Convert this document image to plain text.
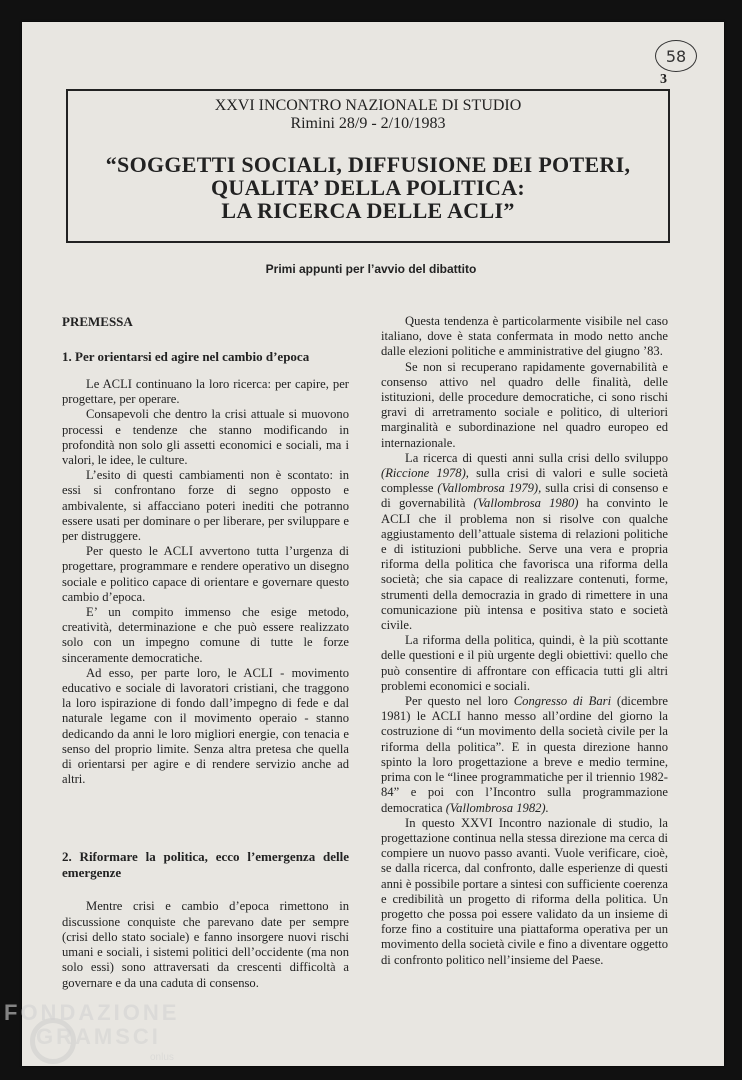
58
3
XXVI INCONTRO NAZIONALE DI STUDIO
Rimini 28/9 - 2/10/1983
“SOGGETTI SOCIALI, DIFFUSIONE DEI POTERI,
QUALITA’ DELLA POLITICA:
LA RICERCA DELLE ACLI”
Primi appunti per l’avvio del dibattito
PREMESSA
1. Per orientarsi ed agire nel cambio d’epoca

Le ACLI continuano la loro ricerca: per capire, per progettare, per operare.

Consapevoli che dentro la crisi attuale si muovono processi e tendenze che stanno modificando in profondità non solo gli assetti economici e sociali, ma i valori, le idee, le culture.

L’esito di questi cambiamenti non è scontato: in essi si confrontano forze di segno opposto e ambivalente, si affacciano poteri inediti che potranno essere usati per dominare o per liberare, per sviluppare e per distruggere.

Per questo le ACLI avvertono tutta l’urgenza di progettare, programmare e rendere operativo un disegno sociale e politico capace di orientare e governare questo cambio d’epoca.

E’ un compito immenso che esige metodo, creatività, determinazione e che può essere realizzato solo con un impegno comune di tutte le forze sinceramente democratiche.

Ad esso, per parte loro, le ACLI - movimento educativo e sociale di lavoratori cristiani, che traggono la loro ispirazione di fondo dall’impegno di fede e dal naturale legame con il movimento operaio - stanno dedicando da anni le loro migliori energie, con tenacia e senso del proprio limite. Senza altra pretesa che quella di orientarsi per agire e di rendere servizio anche ad altri.

2. Riformare la politica, ecco l’emergenza delle emergenze

Mentre crisi e cambio d’epoca rimettono in discussione conquiste che parevano date per sempre (crisi dello stato sociale) e fanno insorgere nuovi rischi umani e sociali, i sistemi politici dell’occidente (ma non solo essi) sono attraversati da crescenti difficoltà a governare e da una caduta di consenso.

Questa tendenza è particolarmente visibile nel caso italiano, dove è stata confermata in modo netto anche dalle elezioni politiche e amministrative del giugno ’83.

Se non si recuperano rapidamente governabilità e consenso attivo nel quadro delle finalità, delle istituzioni, delle procedure democratiche, ci sono rischi gravi di arretramento sociale e politico, di ulteriori marginalità e subordinazione nel quadro europeo ed internazionale.

La ricerca di questi anni sulla crisi dello sviluppo (Riccione 1978), sulla crisi di valori e sulle società complesse (Vallombrosa 1979), sulla crisi di consenso e di governabilità (Vallombrosa 1980) ha convinto le ACLI che il problema non si risolve con qualche aggiustamento dell’attuale sistema di relazioni politiche e di istituzioni pubbliche. Serve una vera e propria riforma della politica che favorisca una riforma della società; che sia capace di realizzare contenuti, forme, strumenti della democrazia in grado di rimettere in una comunicazione più intensa e positiva stato e società civile.

La riforma della politica, quindi, è la più scottante delle questioni e il più urgente degli obiettivi: quello che può consentire di affrontare con efficacia tutti gli altri problemi economici e sociali.

Per questo nel loro Congresso di Bari (dicembre 1981) le ACLI hanno messo all’ordine del giorno la costruzione di “un movimento della società civile per la riforma della politica”. E in questa direzione hanno spinto la loro progettazione a breve e medio termine, prima con le “linee programmatiche per il triennio 1982-84” e poi con l’Incontro sulla programmazione democratica (Vallombrosa 1982).

In questo XXVI Incontro nazionale di studio, la progettazione continua nella stessa direzione ma cerca di compiere un nuovo passo avanti. Vuole verificare, cioè, se dalla ricerca, dal confronto, dalle esperienze di questi anni è possibile portare a sintesi con sufficiente coerenza e credibilità un progetto di riforma della politica. Un progetto che possa poi essere validato da un insieme di forze fino a costituire una piattaforma operativa per un movimento della società civile e fino a diventare oggetto di confronto politico nell’insieme del Paese.

FONDAZIONE
GRAMSCI
onlus
